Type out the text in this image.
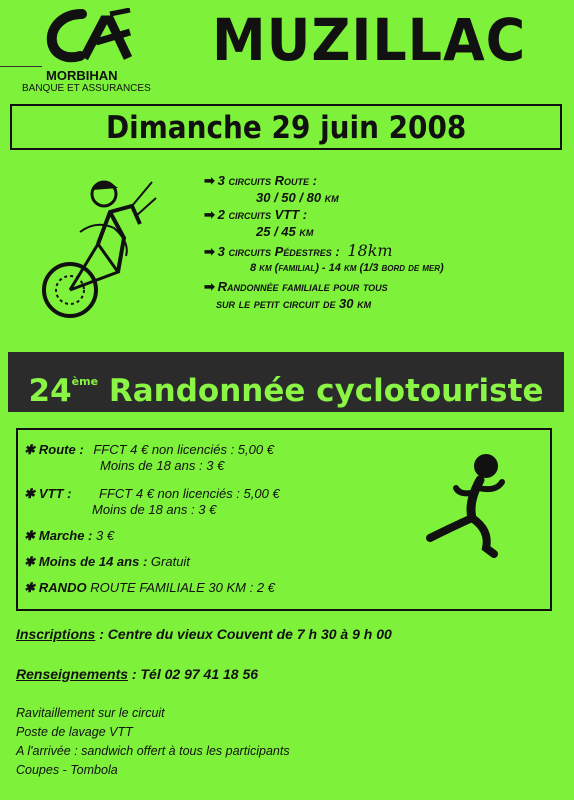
MORBIHAN
BANQUE ET ASSURANCES
MUZILLAC
Dimanche 29 juin 2008
➡ 3 circuits Route :
30 / 50 / 80 km
➡ 2 circuits VTT :
25 / 45 km
➡ 3 circuits Pédestres : 18km
8 km (familial) - 14 km (1/3 bord de mer)
➡ Randonnée familiale pour tous
sur le petit circuit de 30 km
24ème Randonnée cyclotouriste
✱ Route : FFCT 4 € non licenciés : 5,00 €
Moins de 18 ans : 3 €
✱ VTT : FFCT 4 € non licenciés : 5,00 €
Moins de 18 ans : 3 €
✱ Marche : 3 €
✱ Moins de 14 ans : Gratuit
✱ RANDO ROUTE FAMILIALE 30 KM : 2 €
Inscriptions : Centre du vieux Couvent de 7 h 30 à 9 h 00
Renseignements : Tél 02 97 41 18 56
Ravitaillement sur le circuit
Poste de lavage VTT
A l'arrivée : sandwich offert à tous les participants
Coupes - Tombola
